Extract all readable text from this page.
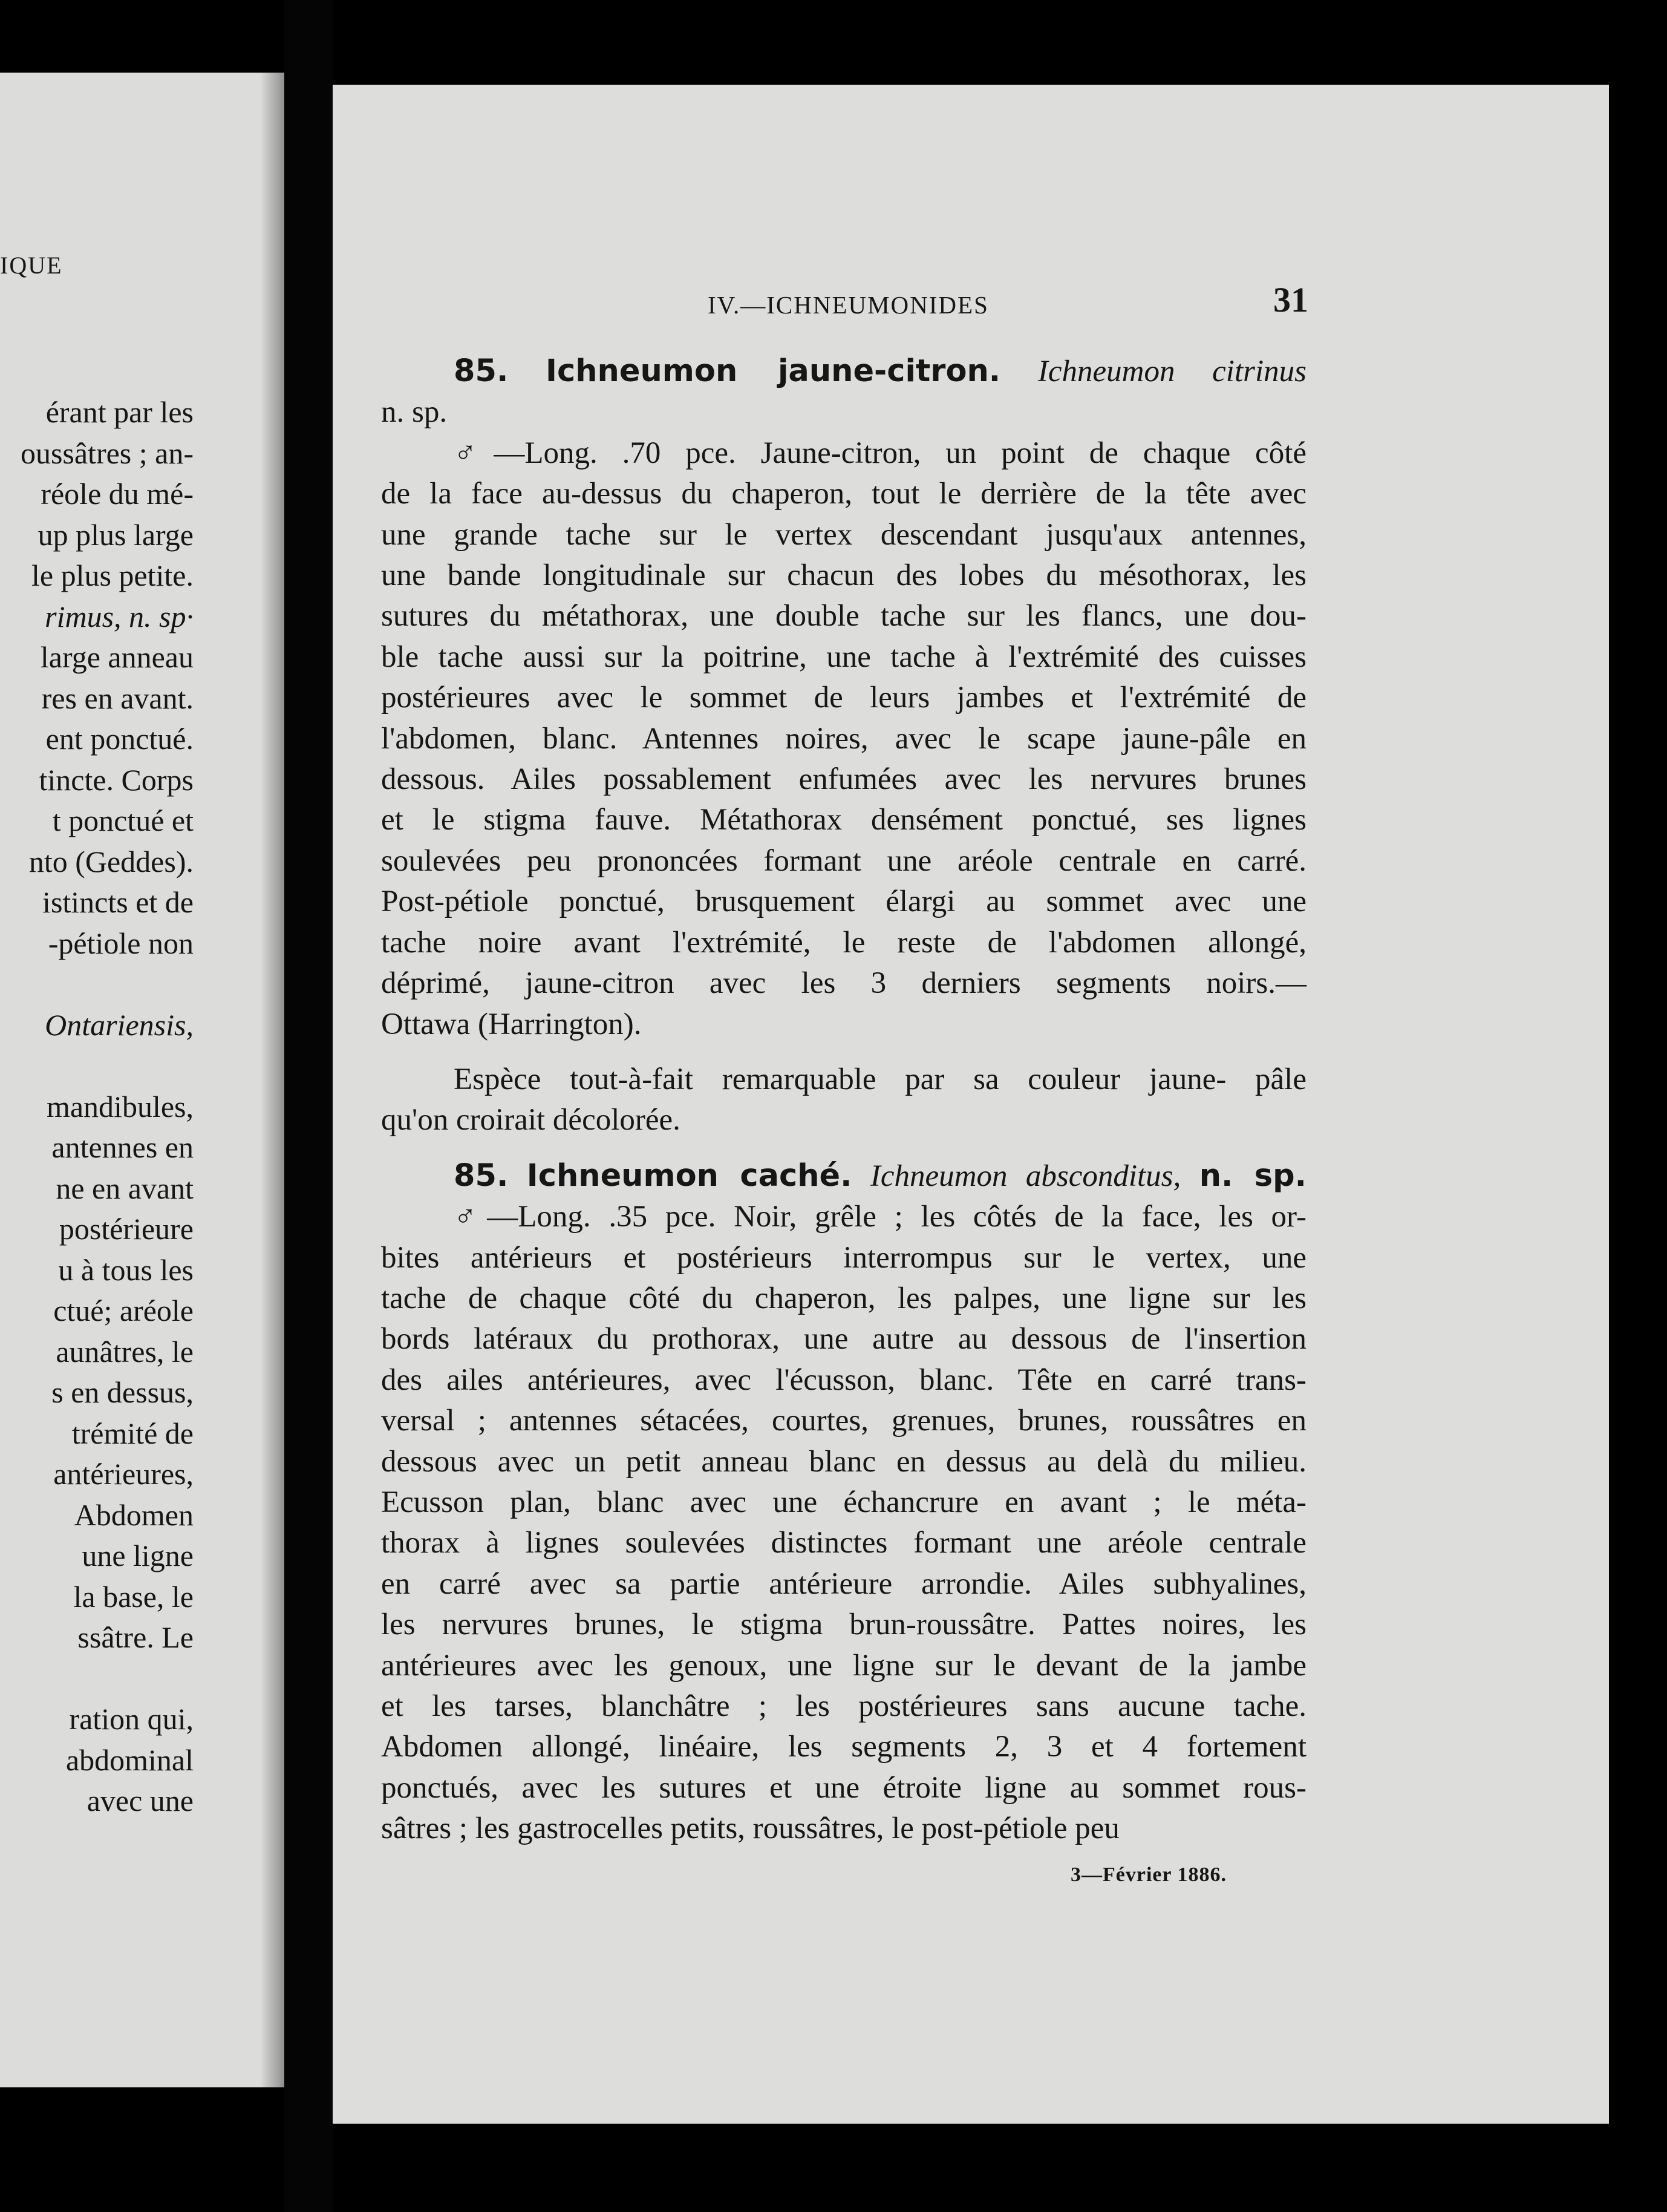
IQUE
érant par les
oussâtres ; an-
réole du mé-
up plus large
le plus petite.
rimus, n. sp·
large anneau
res en avant.
ent ponctué.
tincte. Corps
t ponctué et
nto (Geddes).
istincts et de
-pétiole non
Ontariensis,
mandibules,
antennes en
ne en avant
postérieure
u à tous les
ctué; aréole
aunâtres, le
s en dessus,
trémité de
antérieures,
Abdomen
une ligne
la base, le
ssâtre. Le
ration qui,
abdominal
avec une
IV.—ICHNEUMONIDES	31
85. Ichneumon jaune-citron. Ichneumon citrinus
n. sp.
♂—Long. .70 pce. Jaune-citron, un point de chaque côté
de la face au-dessus du chaperon, tout le derrière de la tête avec
une grande tache sur le vertex descendant jusqu'aux antennes,
une bande longitudinale sur chacun des lobes du mésothorax, les
sutures du métathorax, une double tache sur les flancs, une dou-
ble tache aussi sur la poitrine, une tache à l'extrémité des cuisses
postérieures avec le sommet de leurs jambes et l'extrémité de
l'abdomen, blanc. Antennes noires, avec le scape jaune-pâle en
dessous. Ailes possablement enfumées avec les nervures brunes
et le stigma fauve. Métathorax densément ponctué, ses lignes
soulevées peu prononcées formant une aréole centrale en carré.
Post-pétiole ponctué, brusquement élargi au sommet avec une
tache noire avant l'extrémité, le reste de l'abdomen allongé,
déprimé, jaune-citron avec les 3 derniers segments noirs.—
Ottawa (Harrington).
Espèce tout-à-fait remarquable par sa couleur jaune- pâle
qu'on croirait décolorée.
85. Ichneumon caché. Ichneumon absconditus, n. sp.
♂—Long. .35 pce. Noir, grêle ; les côtés de la face, les or-
bites antérieurs et postérieurs interrompus sur le vertex, une
tache de chaque côté du chaperon, les palpes, une ligne sur les
bords latéraux du prothorax, une autre au dessous de l'insertion
des ailes antérieures, avec l'écusson, blanc. Tête en carré trans-
versal ; antennes sétacées, courtes, grenues, brunes, roussâtres en
dessous avec un petit anneau blanc en dessus au delà du milieu.
Ecusson plan, blanc avec une échancrure en avant ; le méta-
thorax à lignes soulevées distinctes formant une aréole centrale
en carré avec sa partie antérieure arrondie. Ailes subhyalines,
les nervures brunes, le stigma brun-roussâtre. Pattes noires, les
antérieures avec les genoux, une ligne sur le devant de la jambe
et les tarses, blanchâtre ; les postérieures sans aucune tache.
Abdomen allongé, linéaire, les segments 2, 3 et 4 fortement
ponctués, avec les sutures et une étroite ligne au sommet rous-
sâtres ; les gastrocelles petits, roussâtres, le post-pétiole peu
3—Février 1886.
